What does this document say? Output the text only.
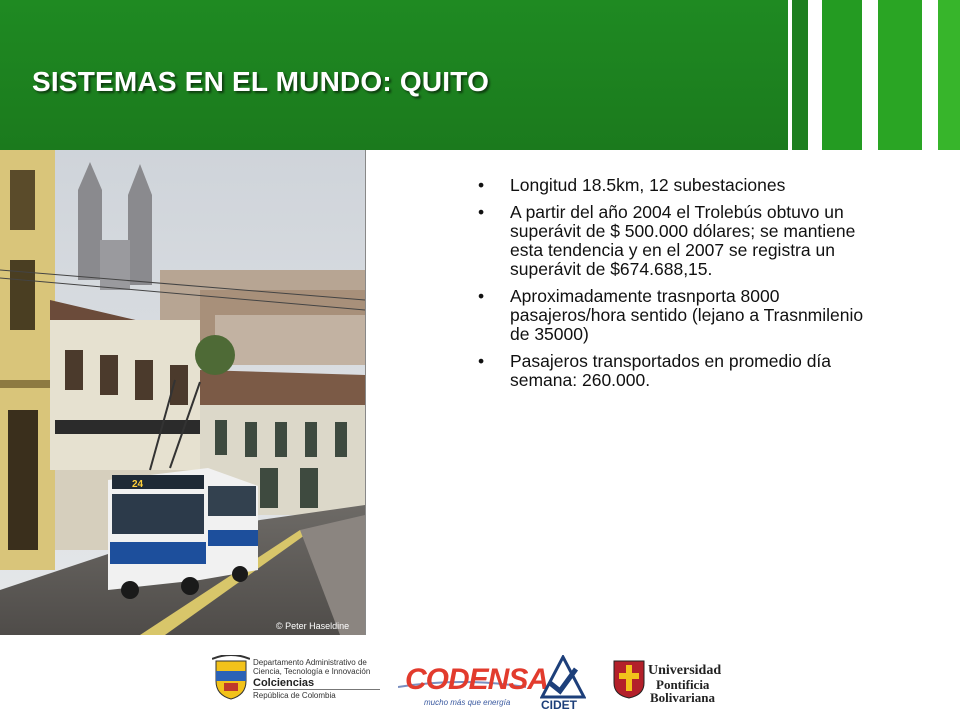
SISTEMAS EN EL MUNDO: QUITO
24
© Peter Haseldine
• Longitud 18.5km, 12 subestaciones
• A partir del año 2004 el Trolebús obtuvo un superávit de $ 500.000 dólares; se mantiene esta tendencia y en el 2007 se registra un superávit de $674.688,15.
• Aproximadamente trasnporta 8000 pasajeros/hora sentido (lejano a Trasnmilenio de 35000)
• Pasajeros transportados en promedio día semana: 260.000.
Departamento Administrativo de
Ciencia, Tecnología e Innovación
Colciencias
República de Colombia CODENSA
mucho más que energía	CIDET
Universidad
Pontificia
Bolivariana
